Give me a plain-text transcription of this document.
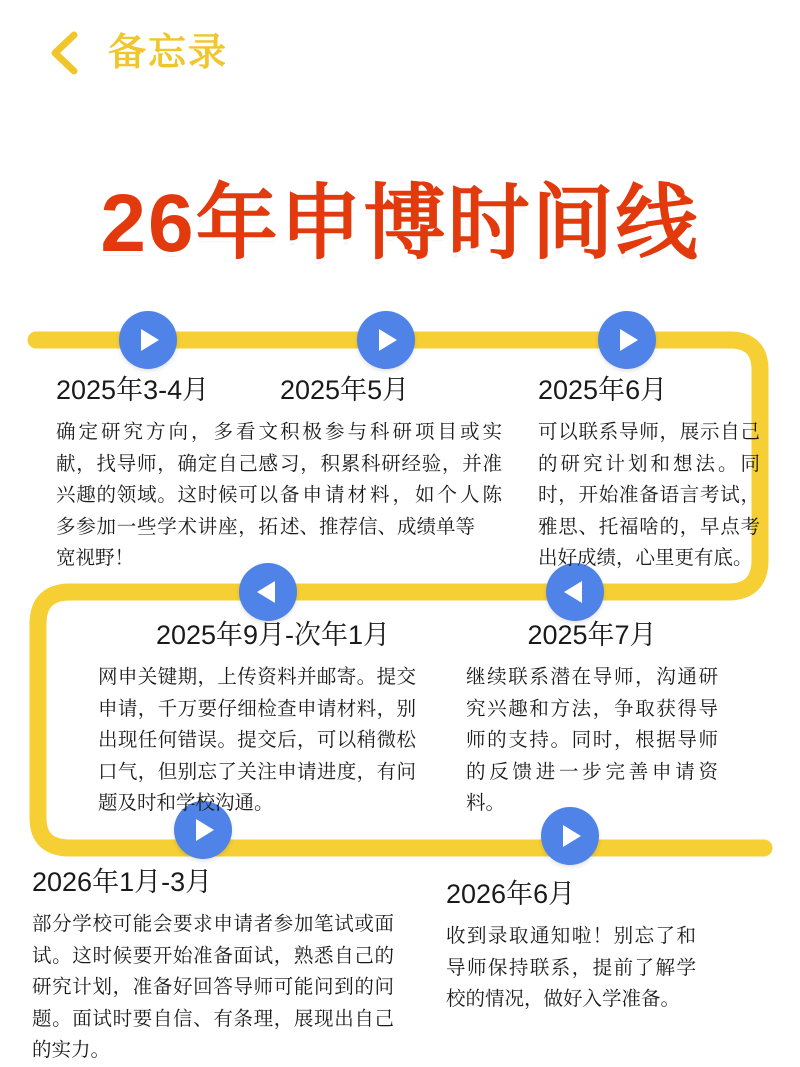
备忘录
26年申博时间线
2025年3-4月
确定研究方向，多看文献，找导师，确定自己感兴趣的领域。这时候可以多参加一些学术讲座，拓宽视野！
2025年5月
积极参与科研项目或实习，积累科研经验，并准备申请材料，如个人陈述、推荐信、成绩单等
2025年6月
可以联系导师，展示自己的研究计划和想法。同时，开始准备语言考试，雅思、托福啥的，早点考出好成绩，心里更有底。
2025年9月-次年1月
网申关键期，上传资料并邮寄。提交申请，千万要仔细检查申请材料，别出现任何错误。提交后，可以稍微松口气，但别忘了关注申请进度，有问题及时和学校沟通。
2025年7月
继续联系潜在导师，沟通研究兴趣和方法，争取获得导师的支持。同时，根据导师的反馈进一步完善申请资料。
2026年1月-3月
部分学校可能会要求申请者参加笔试或面试。这时候要开始准备面试，熟悉自己的研究计划，准备好回答导师可能问到的问题。面试时要自信、有条理，展现出自己的实力。
2026年6月
收到录取通知啦！别忘了和导师保持联系，提前了解学校的情况，做好入学准备。
